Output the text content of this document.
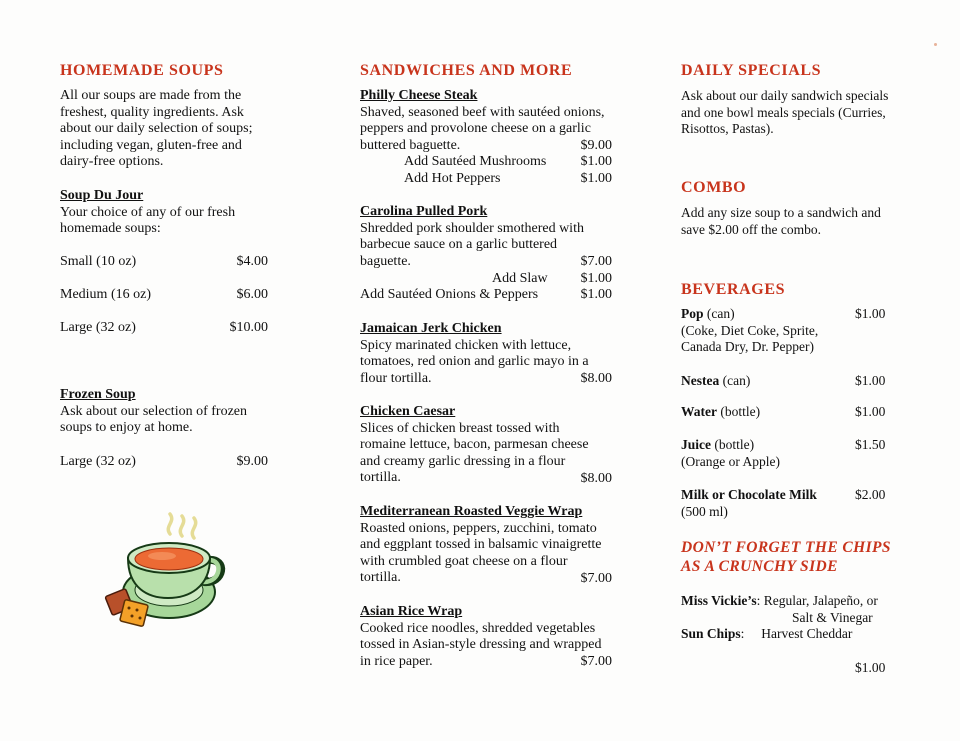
HOMEMADE SOUPS
All our soups are made from the
freshest, quality ingredients. Ask
about our daily selection of soups;
including vegan, gluten-free and
dairy-free options.
Soup Du Jour
Your choice of any of our fresh
homemade soups:
Small (10 oz)	$4.00
Medium (16 oz)	$6.00
Large (32 oz)	$10.00
Frozen Soup
Ask about our selection of frozen
soups to enjoy at home.
Large (32 oz)	$9.00
SANDWICHES AND MORE
Philly Cheese Steak
Shaved, seasoned beef with sautéed onions,
peppers and provolone cheese on a garlic
buttered baguette.	$9.00
Add Sautéed Mushrooms $1.00
Add Hot Peppers	$1.00
Carolina Pulled Pork
Shredded pork shoulder smothered with
barbecue sauce on a garlic buttered
baguette.	$7.00
Add Slaw $1.00
Add Sautéed Onions & Peppers	$1.00
Jamaican Jerk Chicken
Spicy marinated chicken with lettuce,
tomatoes, red onion and garlic mayo in a
flour tortilla.	$8.00
Chicken Caesar
Slices of chicken breast tossed with
romaine lettuce, bacon, parmesan cheese
and creamy garlic dressing in a flour
tortilla.	$8.00
Mediterranean Roasted Veggie Wrap
Roasted onions, peppers, zucchini, tomato
and eggplant tossed in balsamic vinaigrette
with crumbled goat cheese on a flour
tortilla.	$7.00
Asian Rice Wrap
Cooked rice noodles, shredded vegetables
tossed in Asian-style dressing and wrapped
in rice paper.	$7.00
DAILY SPECIALS
Ask about our daily sandwich specials
and one bowl meals specials (Curries,
Risottos, Pastas).
COMBO
Add any size soup to a sandwich and
save $2.00 off the combo.
BEVERAGES
Pop (can)
(Coke, Diet Coke, Sprite,
Canada Dry, Dr. Pepper)
$1.00
Nestea (can)	$1.00
Water (bottle)	$1.00
Juice (bottle)
(Orange or Apple)
$1.50
Milk or Chocolate Milk
(500 ml)
$2.00
DON’T FORGET THE CHIPS
AS A CRUNCHY SIDE
Miss Vickie’s: Regular, Jalapeño, or
Salt & Vinegar
Sun Chips:     Harvest Cheddar
$1.00
